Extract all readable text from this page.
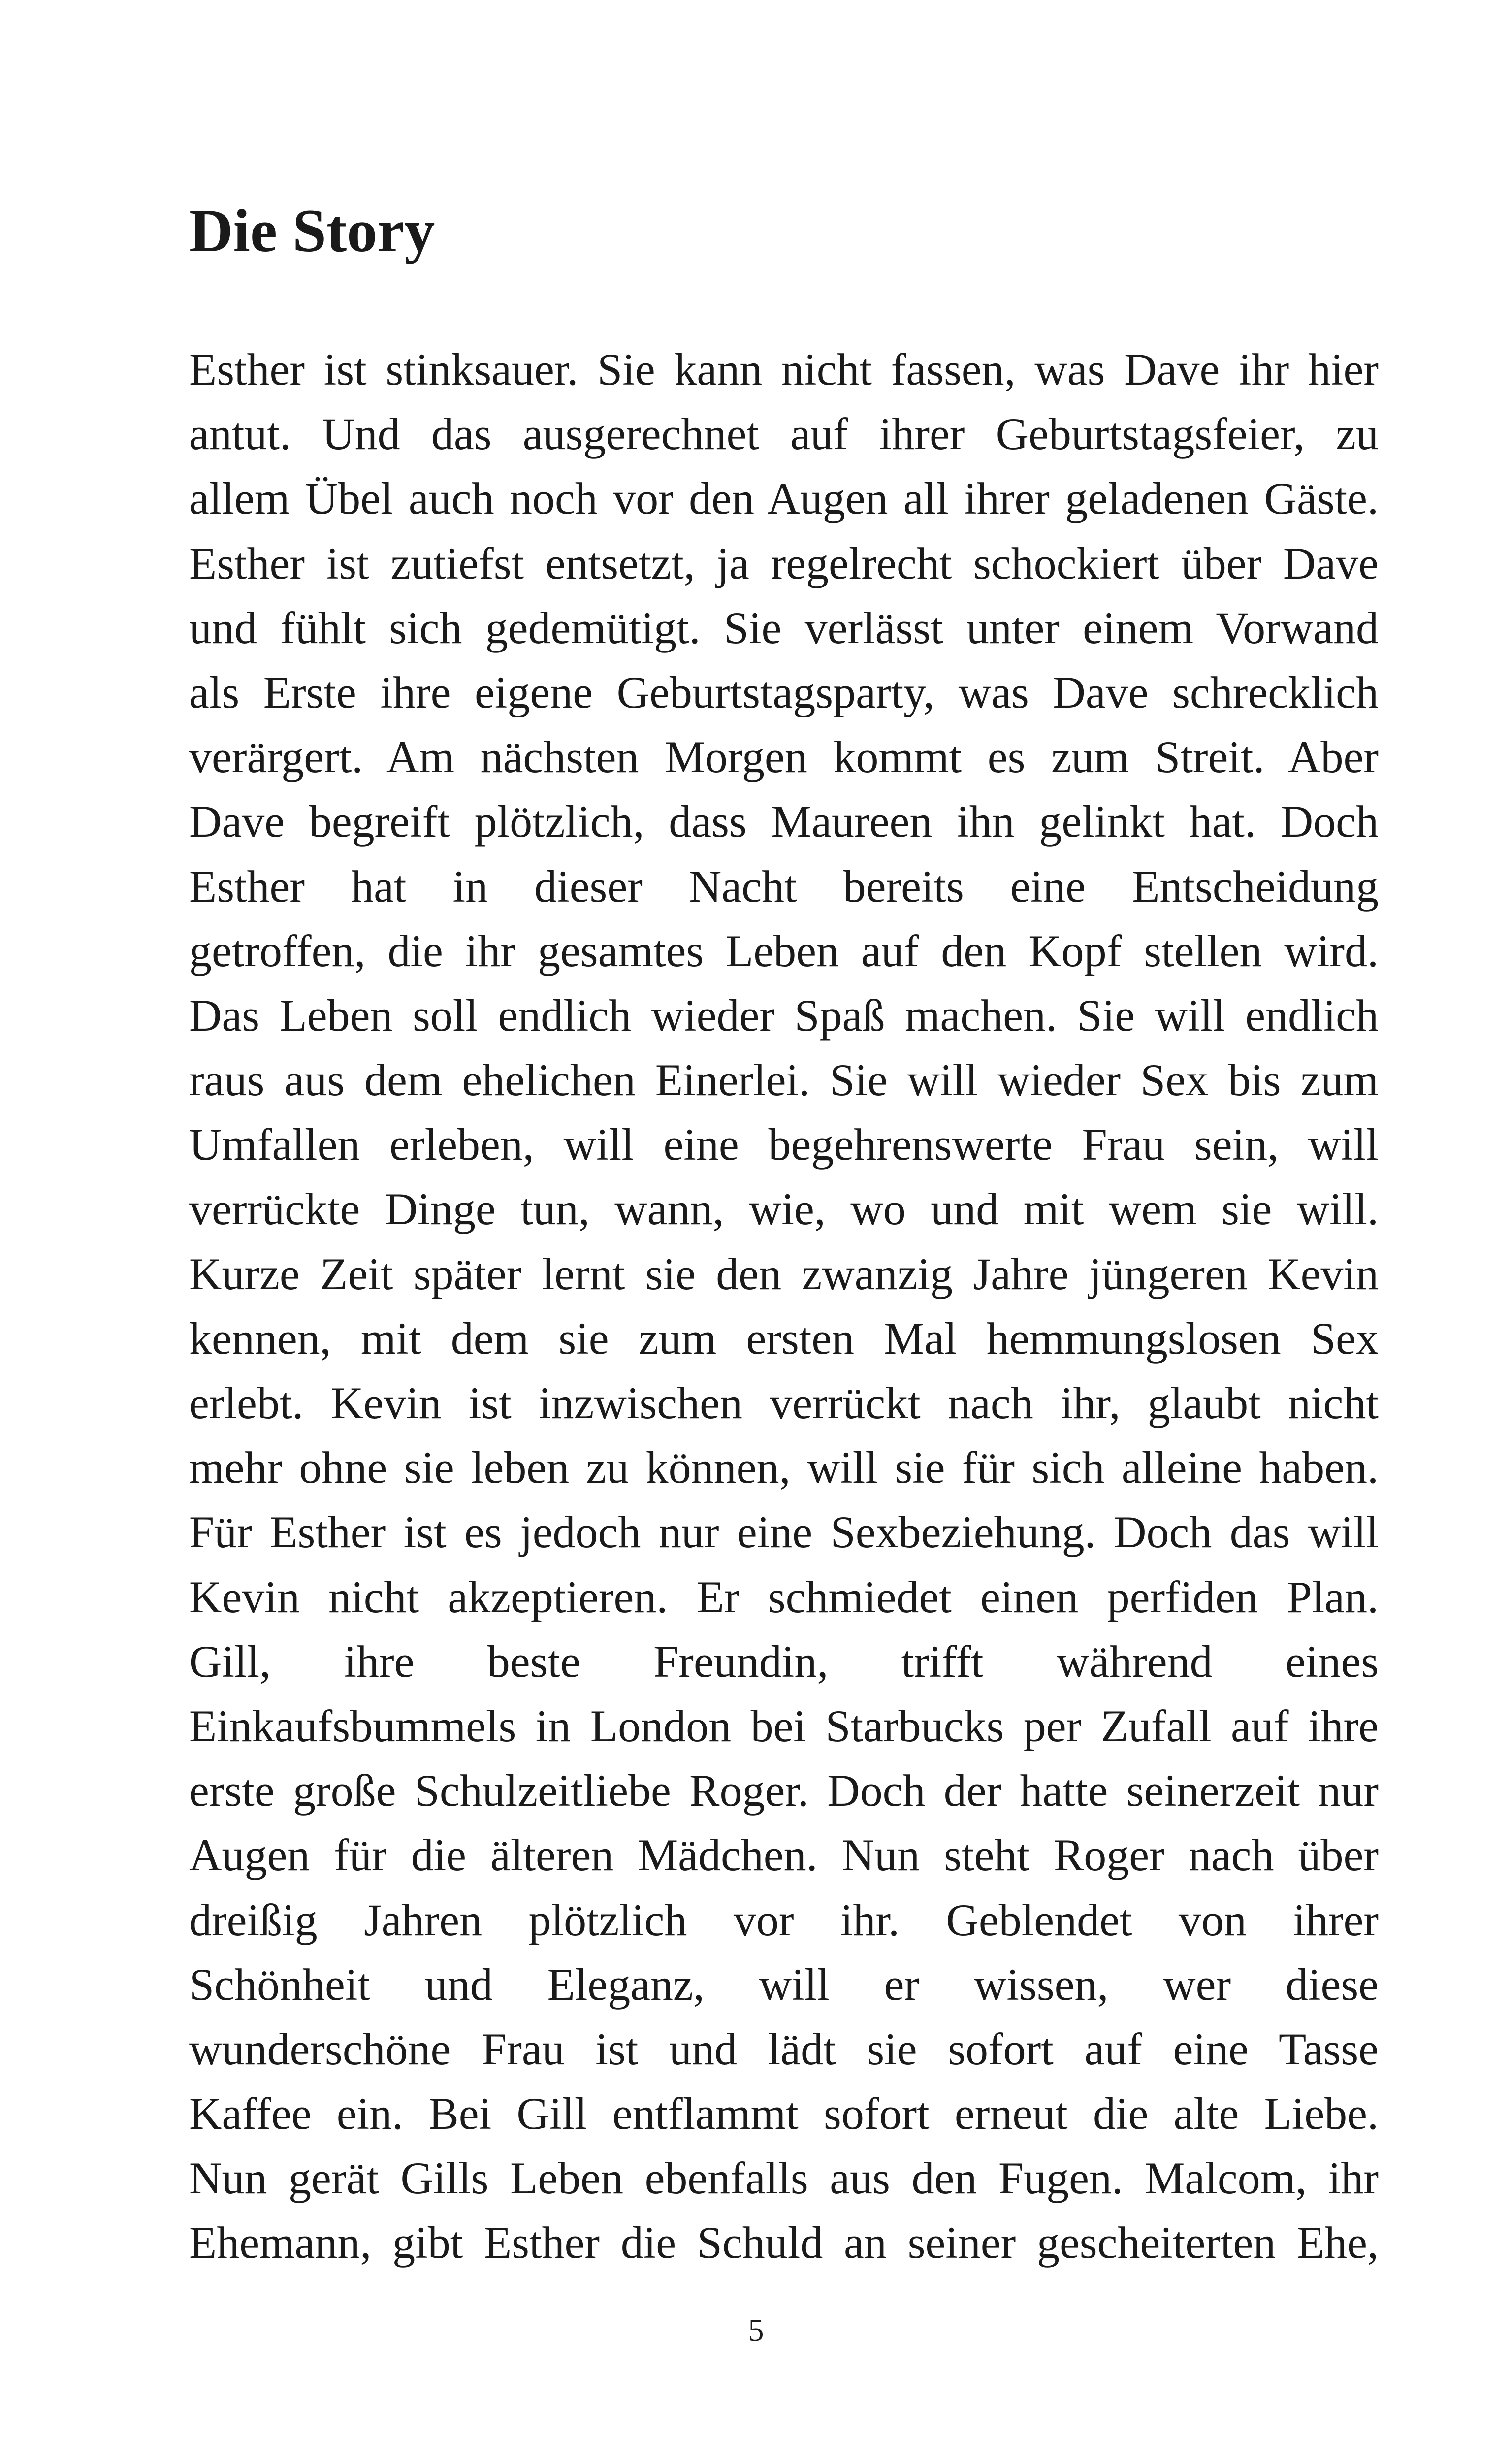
Die Story
Esther ist stinksauer. Sie kann nicht fassen, was Dave ihr hier
antut. Und das ausgerechnet auf ihrer Geburtstagsfeier, zu
allem Übel auch noch vor den Augen all ihrer geladenen Gäste.
Esther ist zutiefst entsetzt, ja regelrecht schockiert über Dave
und fühlt sich gedemütigt. Sie verlässt unter einem Vorwand
als Erste ihre eigene Geburtstagsparty, was Dave schrecklich
verärgert. Am nächsten Morgen kommt es zum Streit. Aber
Dave begreift plötzlich, dass Maureen ihn gelinkt hat. Doch
Esther hat in dieser Nacht bereits eine Entscheidung
getroffen, die ihr gesamtes Leben auf den Kopf stellen wird.
Das Leben soll endlich wieder Spaß machen. Sie will endlich
raus aus dem ehelichen Einerlei. Sie will wieder Sex bis zum
Umfallen erleben, will eine begehrenswerte Frau sein, will
verrückte Dinge tun, wann, wie, wo und mit wem sie will.
Kurze Zeit später lernt sie den zwanzig Jahre jüngeren Kevin
kennen, mit dem sie zum ersten Mal hemmungslosen Sex
erlebt. Kevin ist inzwischen verrückt nach ihr, glaubt nicht
mehr ohne sie leben zu können, will sie für sich alleine haben.
Für Esther ist es jedoch nur eine Sexbeziehung. Doch das will
Kevin nicht akzeptieren. Er schmiedet einen perfiden Plan.
Gill, ihre beste Freundin, trifft während eines
Einkaufsbummels in London bei Starbucks per Zufall auf ihre
erste große Schulzeitliebe Roger. Doch der hatte seinerzeit nur
Augen für die älteren Mädchen. Nun steht Roger nach über
dreißig Jahren plötzlich vor ihr. Geblendet von ihrer
Schönheit und Eleganz, will er wissen, wer diese
wunderschöne Frau ist und lädt sie sofort auf eine Tasse
Kaffee ein. Bei Gill entflammt sofort erneut die alte Liebe.
Nun gerät Gills Leben ebenfalls aus den Fugen. Malcom, ihr
Ehemann, gibt Esther die Schuld an seiner gescheiterten Ehe,
5
